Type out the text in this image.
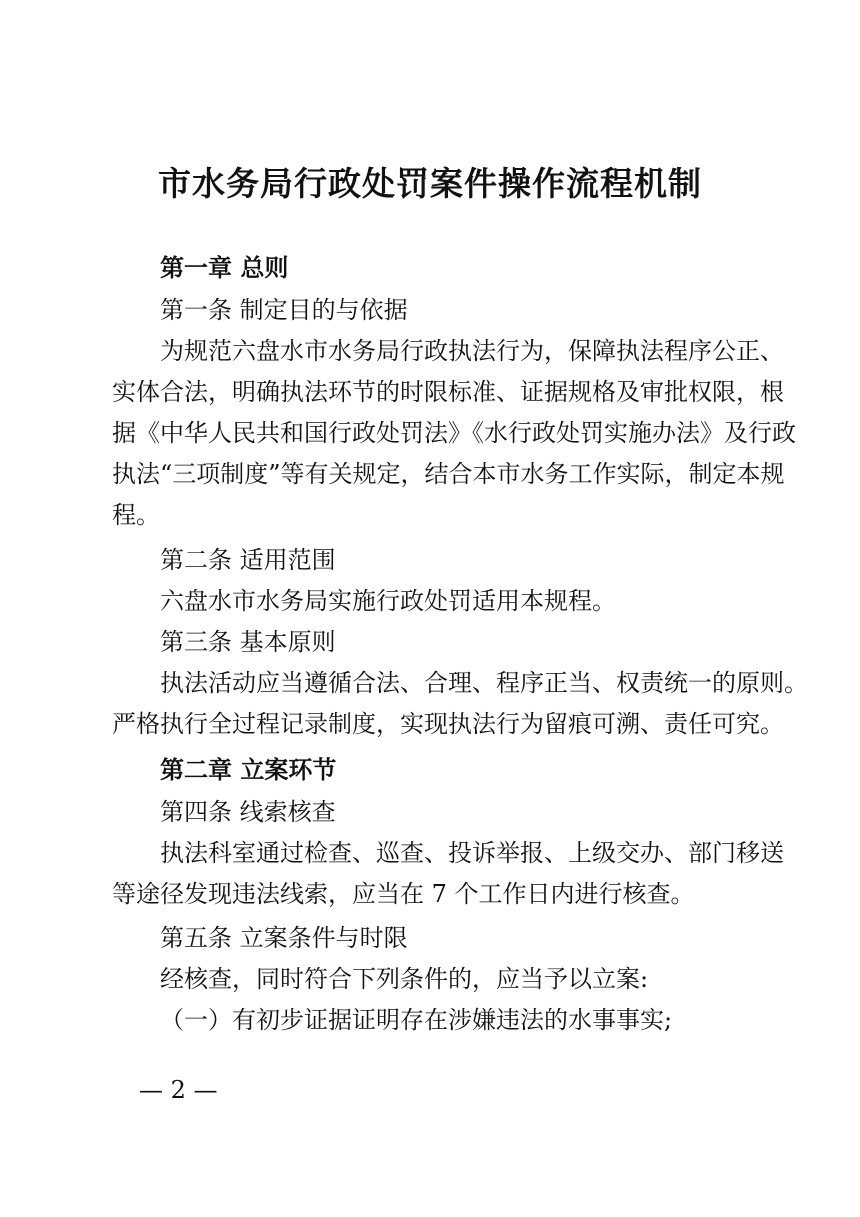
市水务局行政处罚案件操作流程机制
第一章 总则
第一条 制定目的与依据
为规范六盘水市水务局行政执法行为，保障执法程序公正、
实体合法，明确执法环节的时限标准、证据规格及审批权限，根
据《中华人民共和国行政处罚法》《水行政处罚实施办法》及行政
执法“三项制度”等有关规定，结合本市水务工作实际，制定本规
程。
第二条 适用范围
六盘水市水务局实施行政处罚适用本规程。
第三条 基本原则
执法活动应当遵循合法、合理、程序正当、权责统一的原则。
严格执行全过程记录制度，实现执法行为留痕可溯、责任可究。
第二章 立案环节
第四条 线索核查
执法科室通过检查、巡查、投诉举报、上级交办、部门移送
等途径发现违法线索，应当在 7 个工作日内进行核查。
第五条 立案条件与时限
经核查，同时符合下列条件的，应当予以立案:
（一）有初步证据证明存在涉嫌违法的水事事实;
— 2 —
